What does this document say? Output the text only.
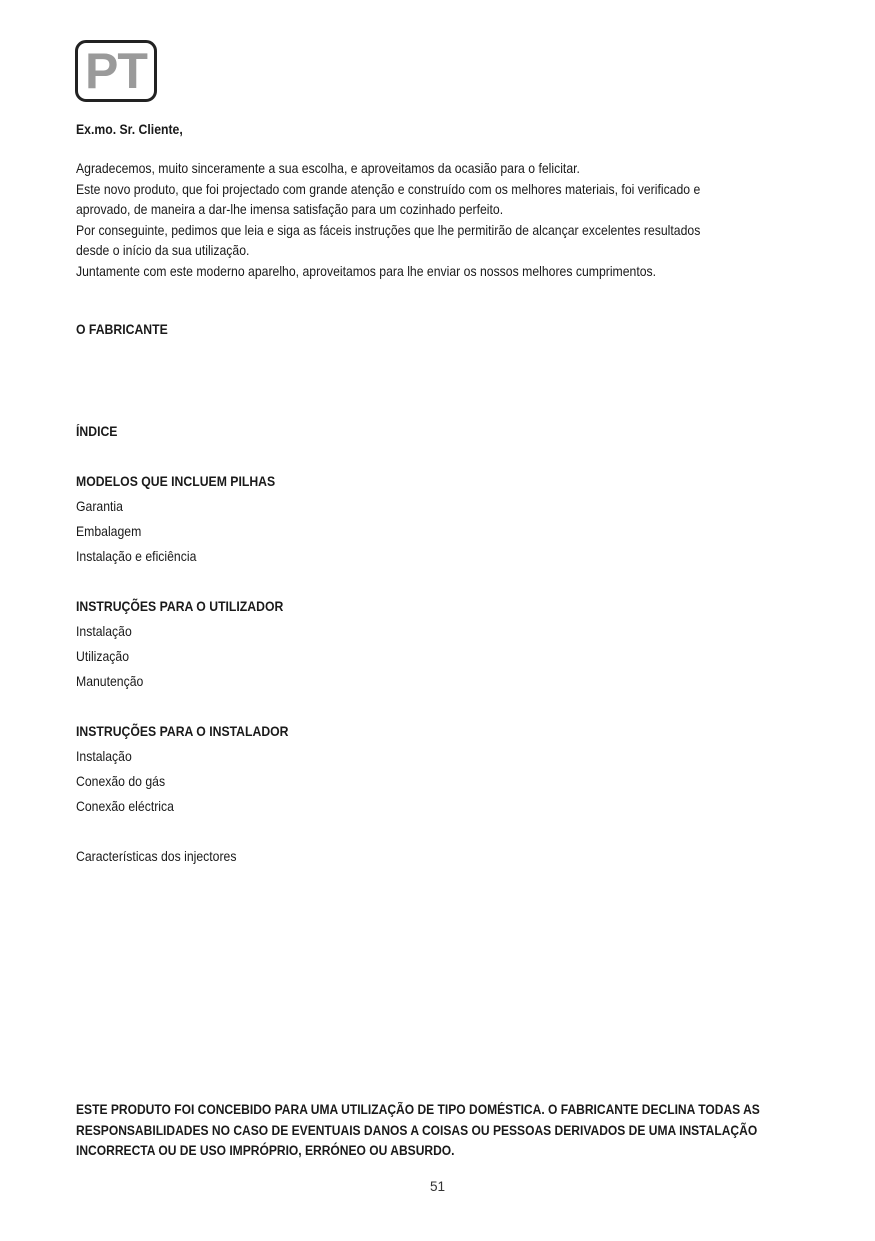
PT
Ex.mo. Sr. Cliente,
Agradecemos, muito sinceramente a sua escolha, e aproveitamos da ocasião para o felicitar.
Este novo produto, que foi projectado com grande atenção e construído com os melhores materiais, foi verificado e
aprovado, de maneira a dar-lhe imensa satisfação para um cozinhado perfeito.
Por conseguinte, pedimos que leia e siga as fáceis instruções que lhe permitirão de alcançar excelentes resultados
desde o início da sua utilização.
Juntamente com este moderno aparelho, aproveitamos para lhe enviar os nossos melhores cumprimentos.
O FABRICANTE
ÍNDICE
MODELOS QUE INCLUEM PILHAS
Garantia
Embalagem
Instalação e eficiência
INSTRUÇÕES PARA O UTILIZADOR
Instalação
Utilização
Manutenção
INSTRUÇÕES PARA O INSTALADOR
Instalação
Conexão do gás
Conexão eléctrica
Características dos injectores
ESTE PRODUTO FOI CONCEBIDO PARA UMA UTILIZAÇÃO DE TIPO DOMÉSTICA. O FABRICANTE DECLINA TODAS AS
RESPONSABILIDADES NO CASO DE EVENTUAIS DANOS A COISAS OU PESSOAS DERIVADOS DE UMA INSTALAÇÃO
INCORRECTA OU DE USO IMPRÓPRIO, ERRÓNEO OU ABSURDO.
51
